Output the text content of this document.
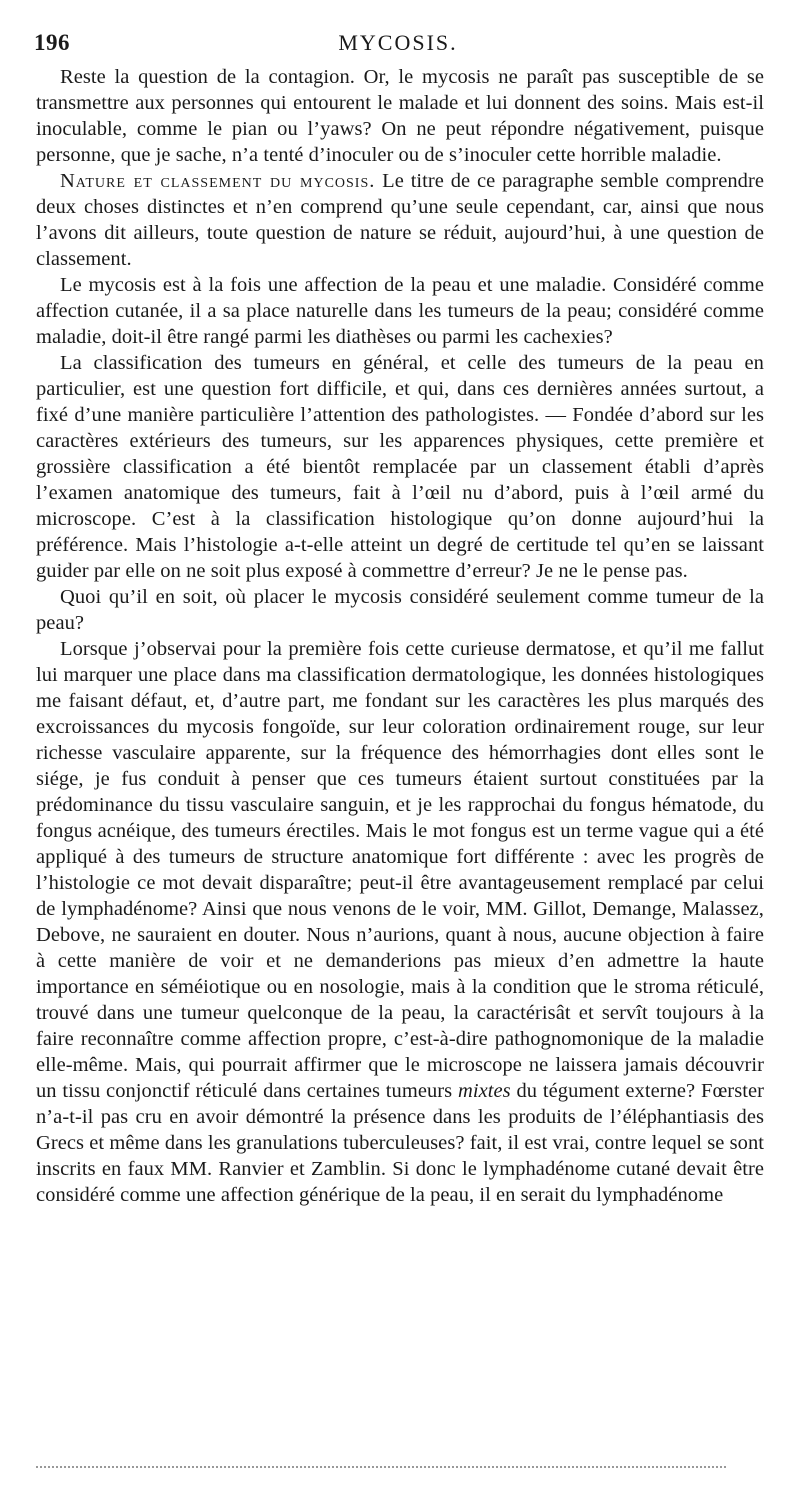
196	MYCOSIS.

Reste la question de la contagion. Or, le mycosis ne paraît pas susceptible de se transmettre aux personnes qui entourent le malade et lui donnent des soins. Mais est-il inoculable, comme le pian ou l’yaws? On ne peut répondre négativement, puisque personne, que je sache, n’a tenté d’inoculer ou de s’inoculer cette horrible maladie.

Nature et classement du mycosis. Le titre de ce paragraphe semble comprendre deux choses distinctes et n’en comprend qu’une seule cependant, car, ainsi que nous l’avons dit ailleurs, toute question de nature se réduit, aujourd’hui, à une question de classement.

Le mycosis est à la fois une affection de la peau et une maladie. Considéré comme affection cutanée, il a sa place naturelle dans les tumeurs de la peau; considéré comme maladie, doit-il être rangé parmi les diathèses ou parmi les cachexies?

La classification des tumeurs en général, et celle des tumeurs de la peau en particulier, est une question fort difficile, et qui, dans ces dernières années surtout, a fixé d’une manière particulière l’attention des pathologistes. — Fondée d’abord sur les caractères extérieurs des tumeurs, sur les apparences physiques, cette première et grossière classification a été bientôt remplacée par un classement établi d’après l’examen anatomique des tumeurs, fait à l’œil nu d’abord, puis à l’œil armé du microscope. C’est à la classification histologique qu’on donne aujourd’hui la préférence. Mais l’histologie a-t-elle atteint un degré de certitude tel qu’en se laissant guider par elle on ne soit plus exposé à commettre d’erreur? Je ne le pense pas.

Quoi qu’il en soit, où placer le mycosis considéré seulement comme tumeur de la peau?

Lorsque j’observai pour la première fois cette curieuse dermatose, et qu’il me fallut lui marquer une place dans ma classification dermatologique, les données histologiques me faisant défaut, et, d’autre part, me fondant sur les caractères les plus marqués des excroissances du mycosis fongoïde, sur leur coloration ordinairement rouge, sur leur richesse vasculaire apparente, sur la fréquence des hémorrhagies dont elles sont le siége, je fus conduit à penser que ces tumeurs étaient surtout constituées par la prédominance du tissu vasculaire sanguin, et je les rapprochai du fongus hématode, du fongus acnéique, des tumeurs érectiles. Mais le mot fongus est un terme vague qui a été appliqué à des tumeurs de structure anatomique fort différente : avec les progrès de l’histologie ce mot devait disparaître; peut-il être avantageusement remplacé par celui de lymphadénome? Ainsi que nous venons de le voir, MM. Gillot, Demange, Malassez, Debove, ne sauraient en douter. Nous n’aurions, quant à nous, aucune objection à faire à cette manière de voir et ne demanderions pas mieux d’en admettre la haute importance en séméiotique ou en nosologie, mais à la condition que le stroma réticulé, trouvé dans une tumeur quelconque de la peau, la caractérisât et servît toujours à la faire reconnaître comme affection propre, c’est-à-dire pathognomonique de la maladie elle-même. Mais, qui pourrait affirmer que le microscope ne laissera jamais découvrir un tissu conjonctif réticulé dans certaines tumeurs mixtes du tégument externe? Fœrster n’a-t-il pas cru en avoir démontré la présence dans les produits de l’éléphantiasis des Grecs et même dans les granulations tuberculeuses? fait, il est vrai, contre lequel se sont inscrits en faux MM. Ranvier et Zamblin. Si donc le lymphadénome cutané devait être considéré comme une affection générique de la peau, il en serait du lymphadénome
